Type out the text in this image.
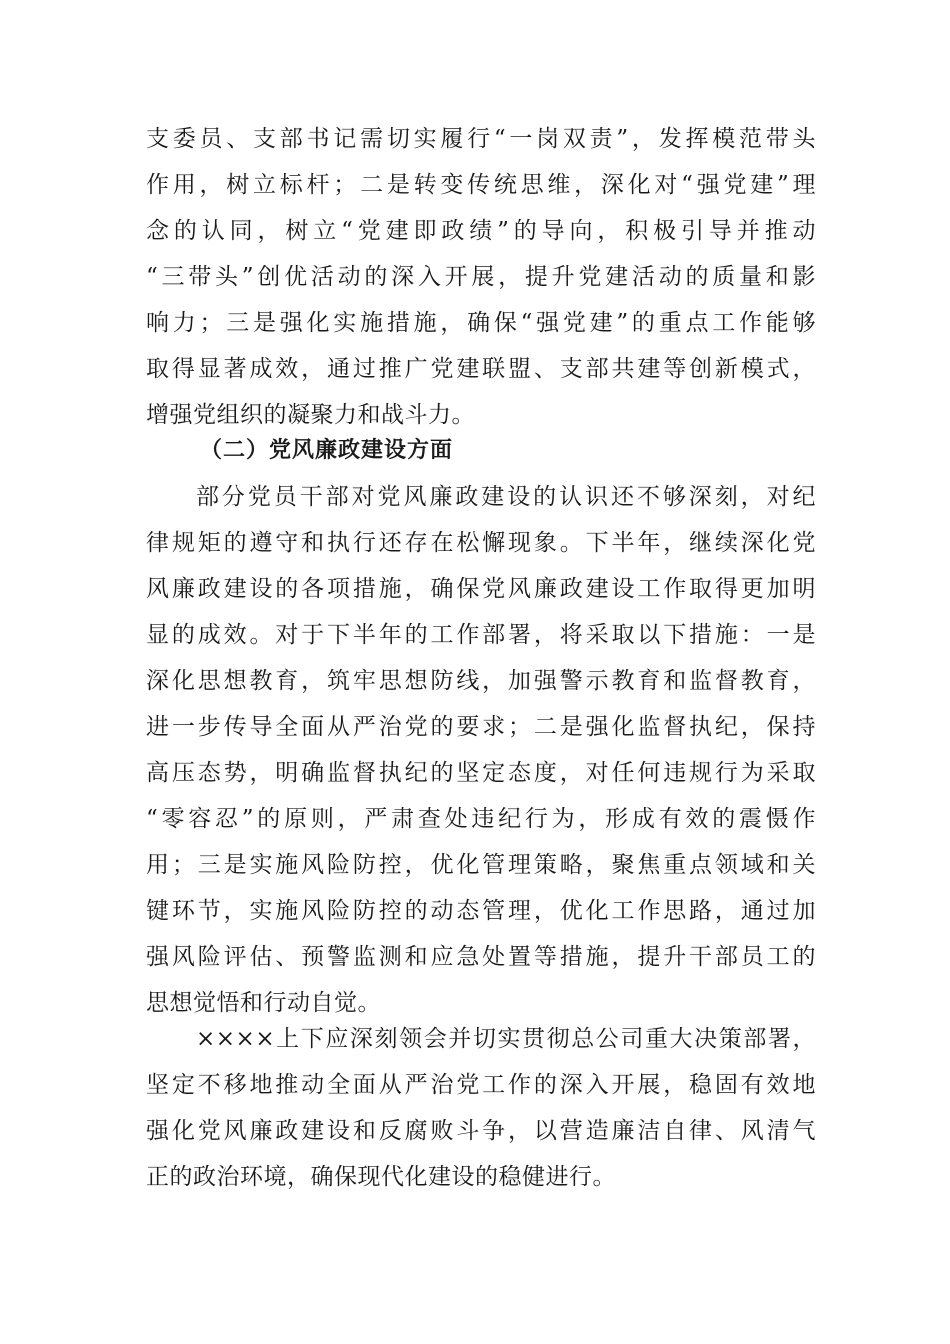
支委员、支部书记需切实履行“一岗双责”，发挥模范带头
作用，树立标杆；二是转变传统思维，深化对“强党建”理
念的认同，树立“党建即政绩”的导向，积极引导并推动
“三带头”创优活动的深入开展，提升党建活动的质量和影
响力；三是强化实施措施，确保“强党建”的重点工作能够
取得显著成效，通过推广党建联盟、支部共建等创新模式，
增强党组织的凝聚力和战斗力。
（二）党风廉政建设方面
部分党员干部对党风廉政建设的认识还不够深刻，对纪
律规矩的遵守和执行还存在松懈现象。下半年，继续深化党
风廉政建设的各项措施，确保党风廉政建设工作取得更加明
显的成效。对于下半年的工作部署，将采取以下措施：一是
深化思想教育，筑牢思想防线，加强警示教育和监督教育，
进一步传导全面从严治党的要求；二是强化监督执纪，保持
高压态势，明确监督执纪的坚定态度，对任何违规行为采取
“零容忍”的原则，严肃查处违纪行为，形成有效的震慑作
用；三是实施风险防控，优化管理策略，聚焦重点领域和关
键环节，实施风险防控的动态管理，优化工作思路，通过加
强风险评估、预警监测和应急处置等措施，提升干部员工的
思想觉悟和行动自觉。
××××上下应深刻领会并切实贯彻总公司重大决策部署，
坚定不移地推动全面从严治党工作的深入开展，稳固有效地
强化党风廉政建设和反腐败斗争，以营造廉洁自律、风清气
正的政治环境，确保现代化建设的稳健进行。
